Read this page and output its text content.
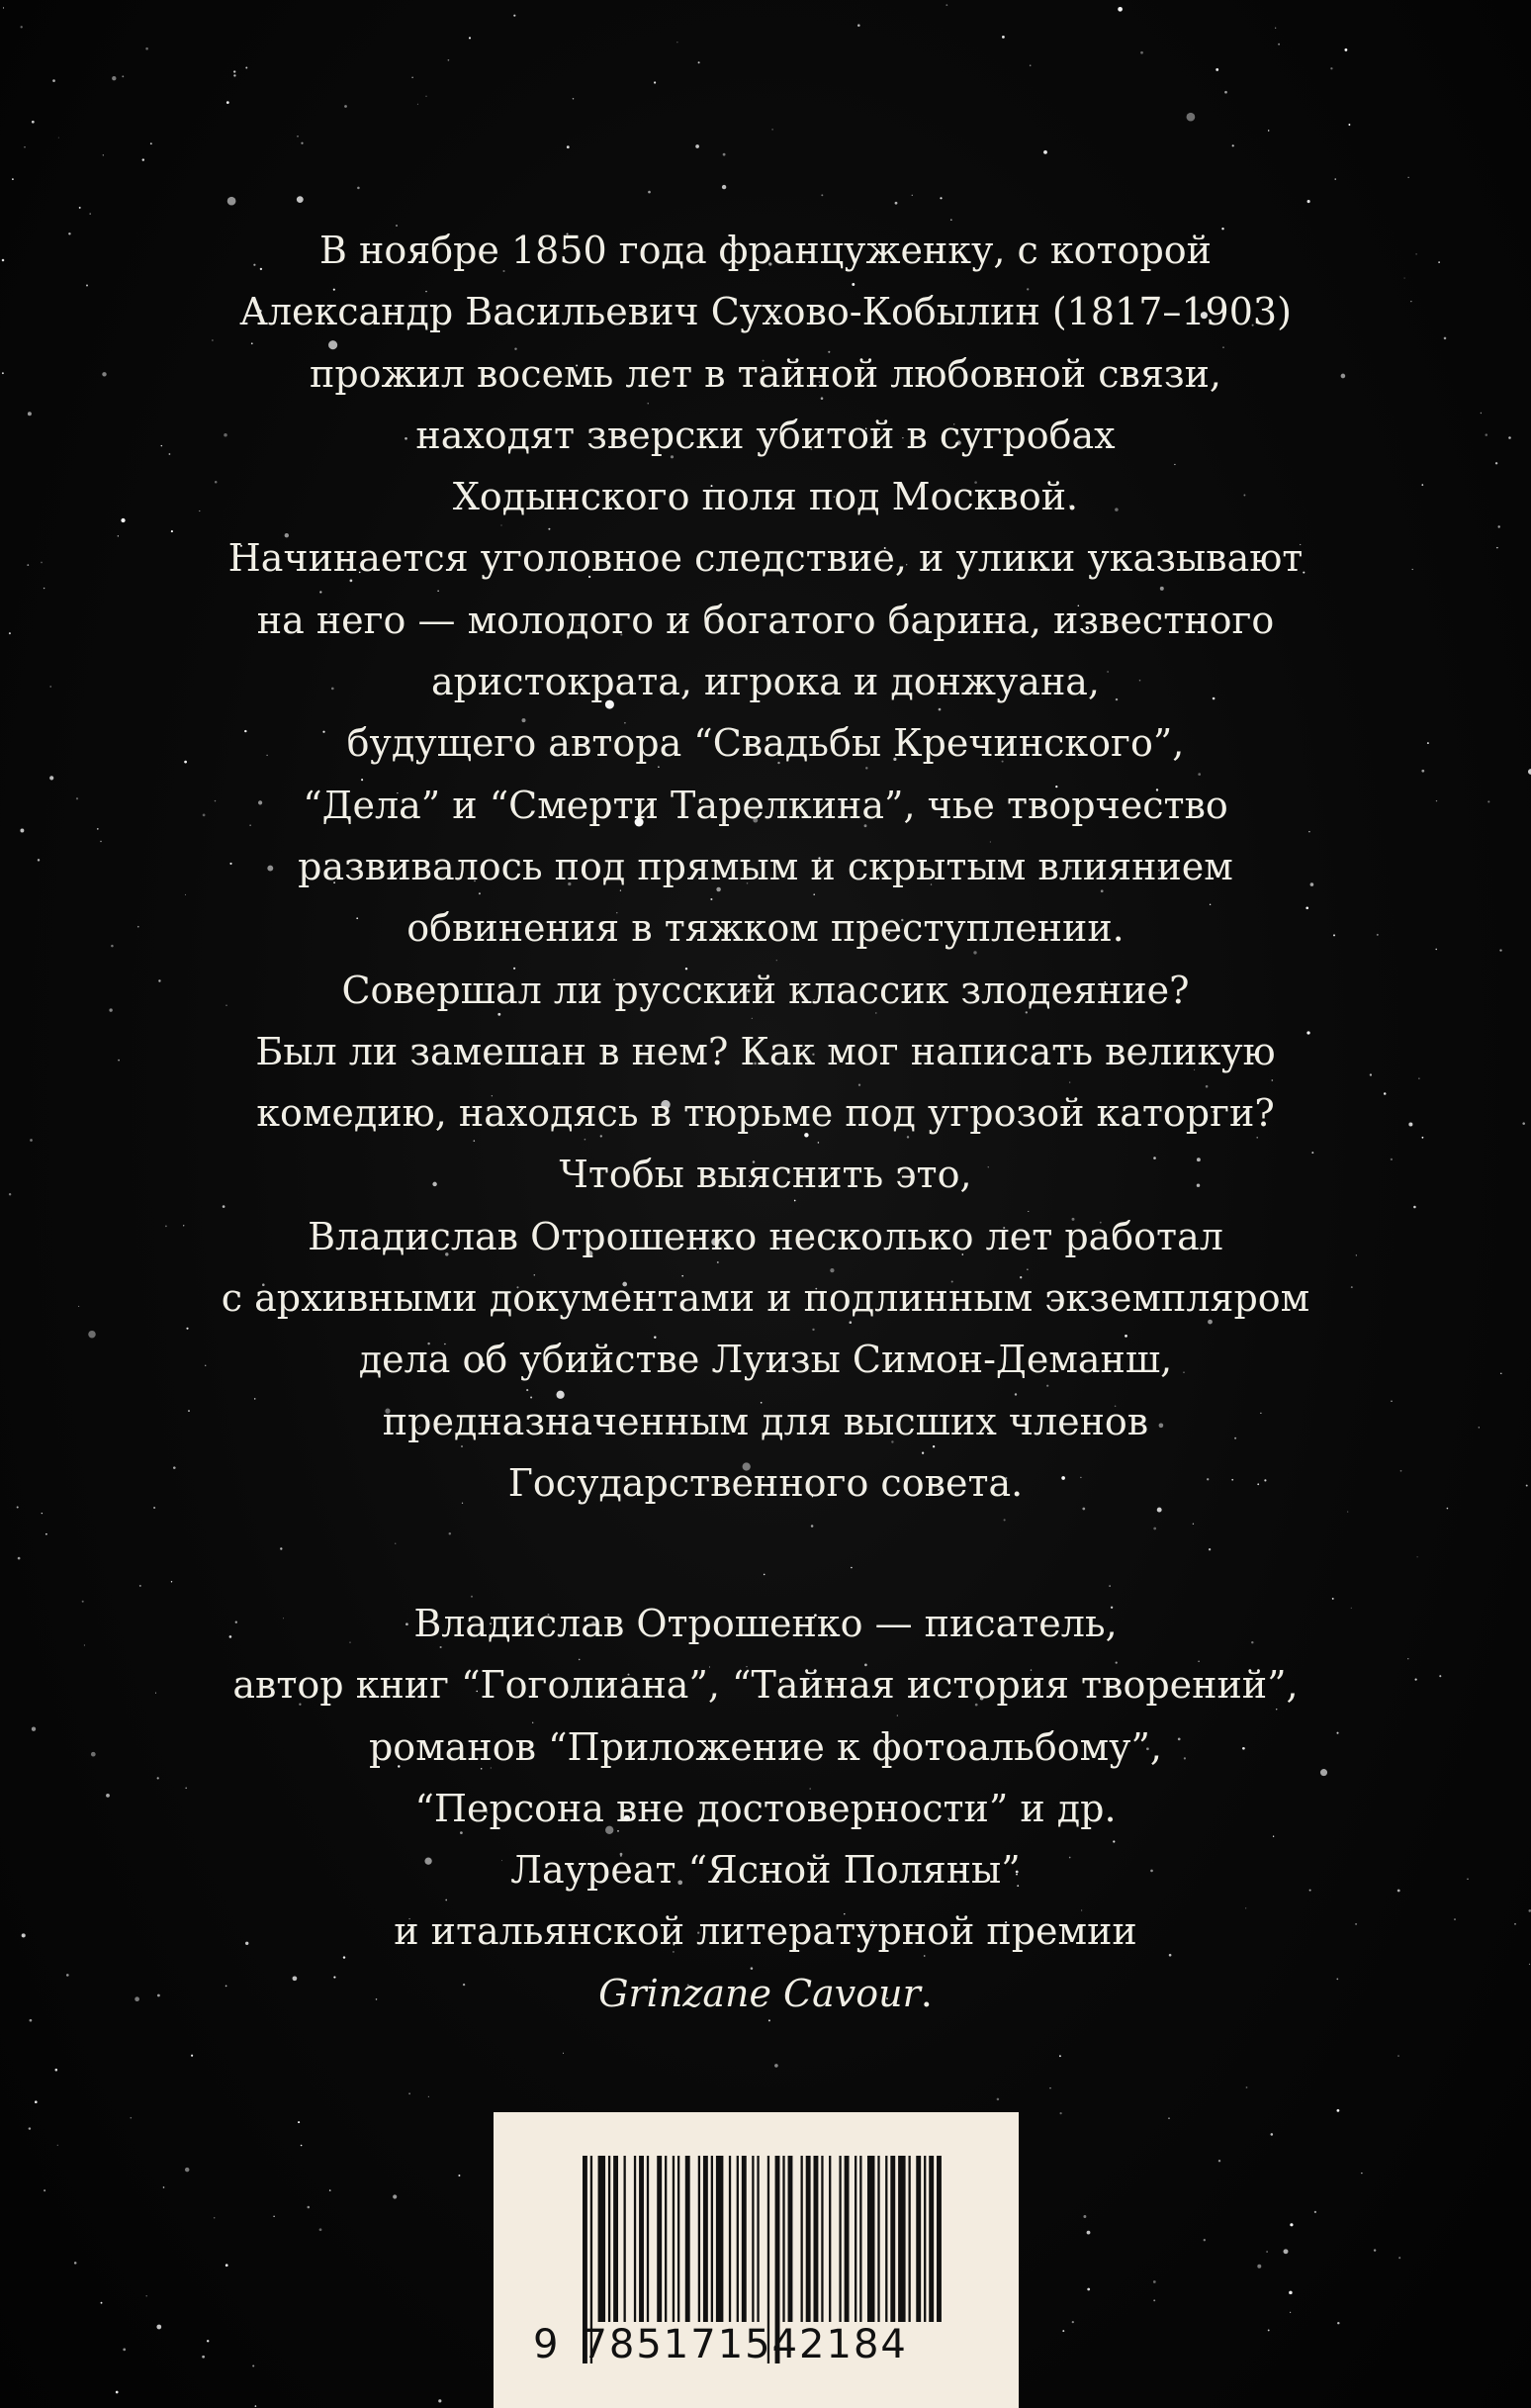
В ноябре 1850 года француженку, с которой
Александр Васильевич Сухово-Кобылин (1817–1903)
прожил восемь лет в тайной любовной связи,
находят зверски убитой в сугробах
Ходынского поля под Москвой.
Начинается уголовное следствие, и улики указывают
на него — молодого и богатого барина, известного
аристократа, игрока и донжуана,
будущего автора “Свадьбы Кречинского”,
“Дела” и “Смерти Тарелкина”, чье творчество
развивалось под прямым и скрытым влиянием
обвинения в тяжком преступлении.
Совершал ли русский классик злодеяние?
Был ли замешан в нем? Как мог написать великую
комедию, находясь в тюрьме под угрозой каторги?
Чтобы выяснить это,
Владислав Отрошенко несколько лет работал
с архивными документами и подлинным экземпляром
дела об убийстве Луизы Симон-Деманш,
предназначенным для высших членов
Государственного совета.
Владислав Отрошенко — писатель,
автор книг “Гоголиана”, “Тайная история творений”,
романов “Приложение к фотоальбому”,
“Персона вне достоверности” и др.
Лауреат “Ясной Поляны”
и итальянской литературной премии
Grinzane Cavour.
9 785171542184
